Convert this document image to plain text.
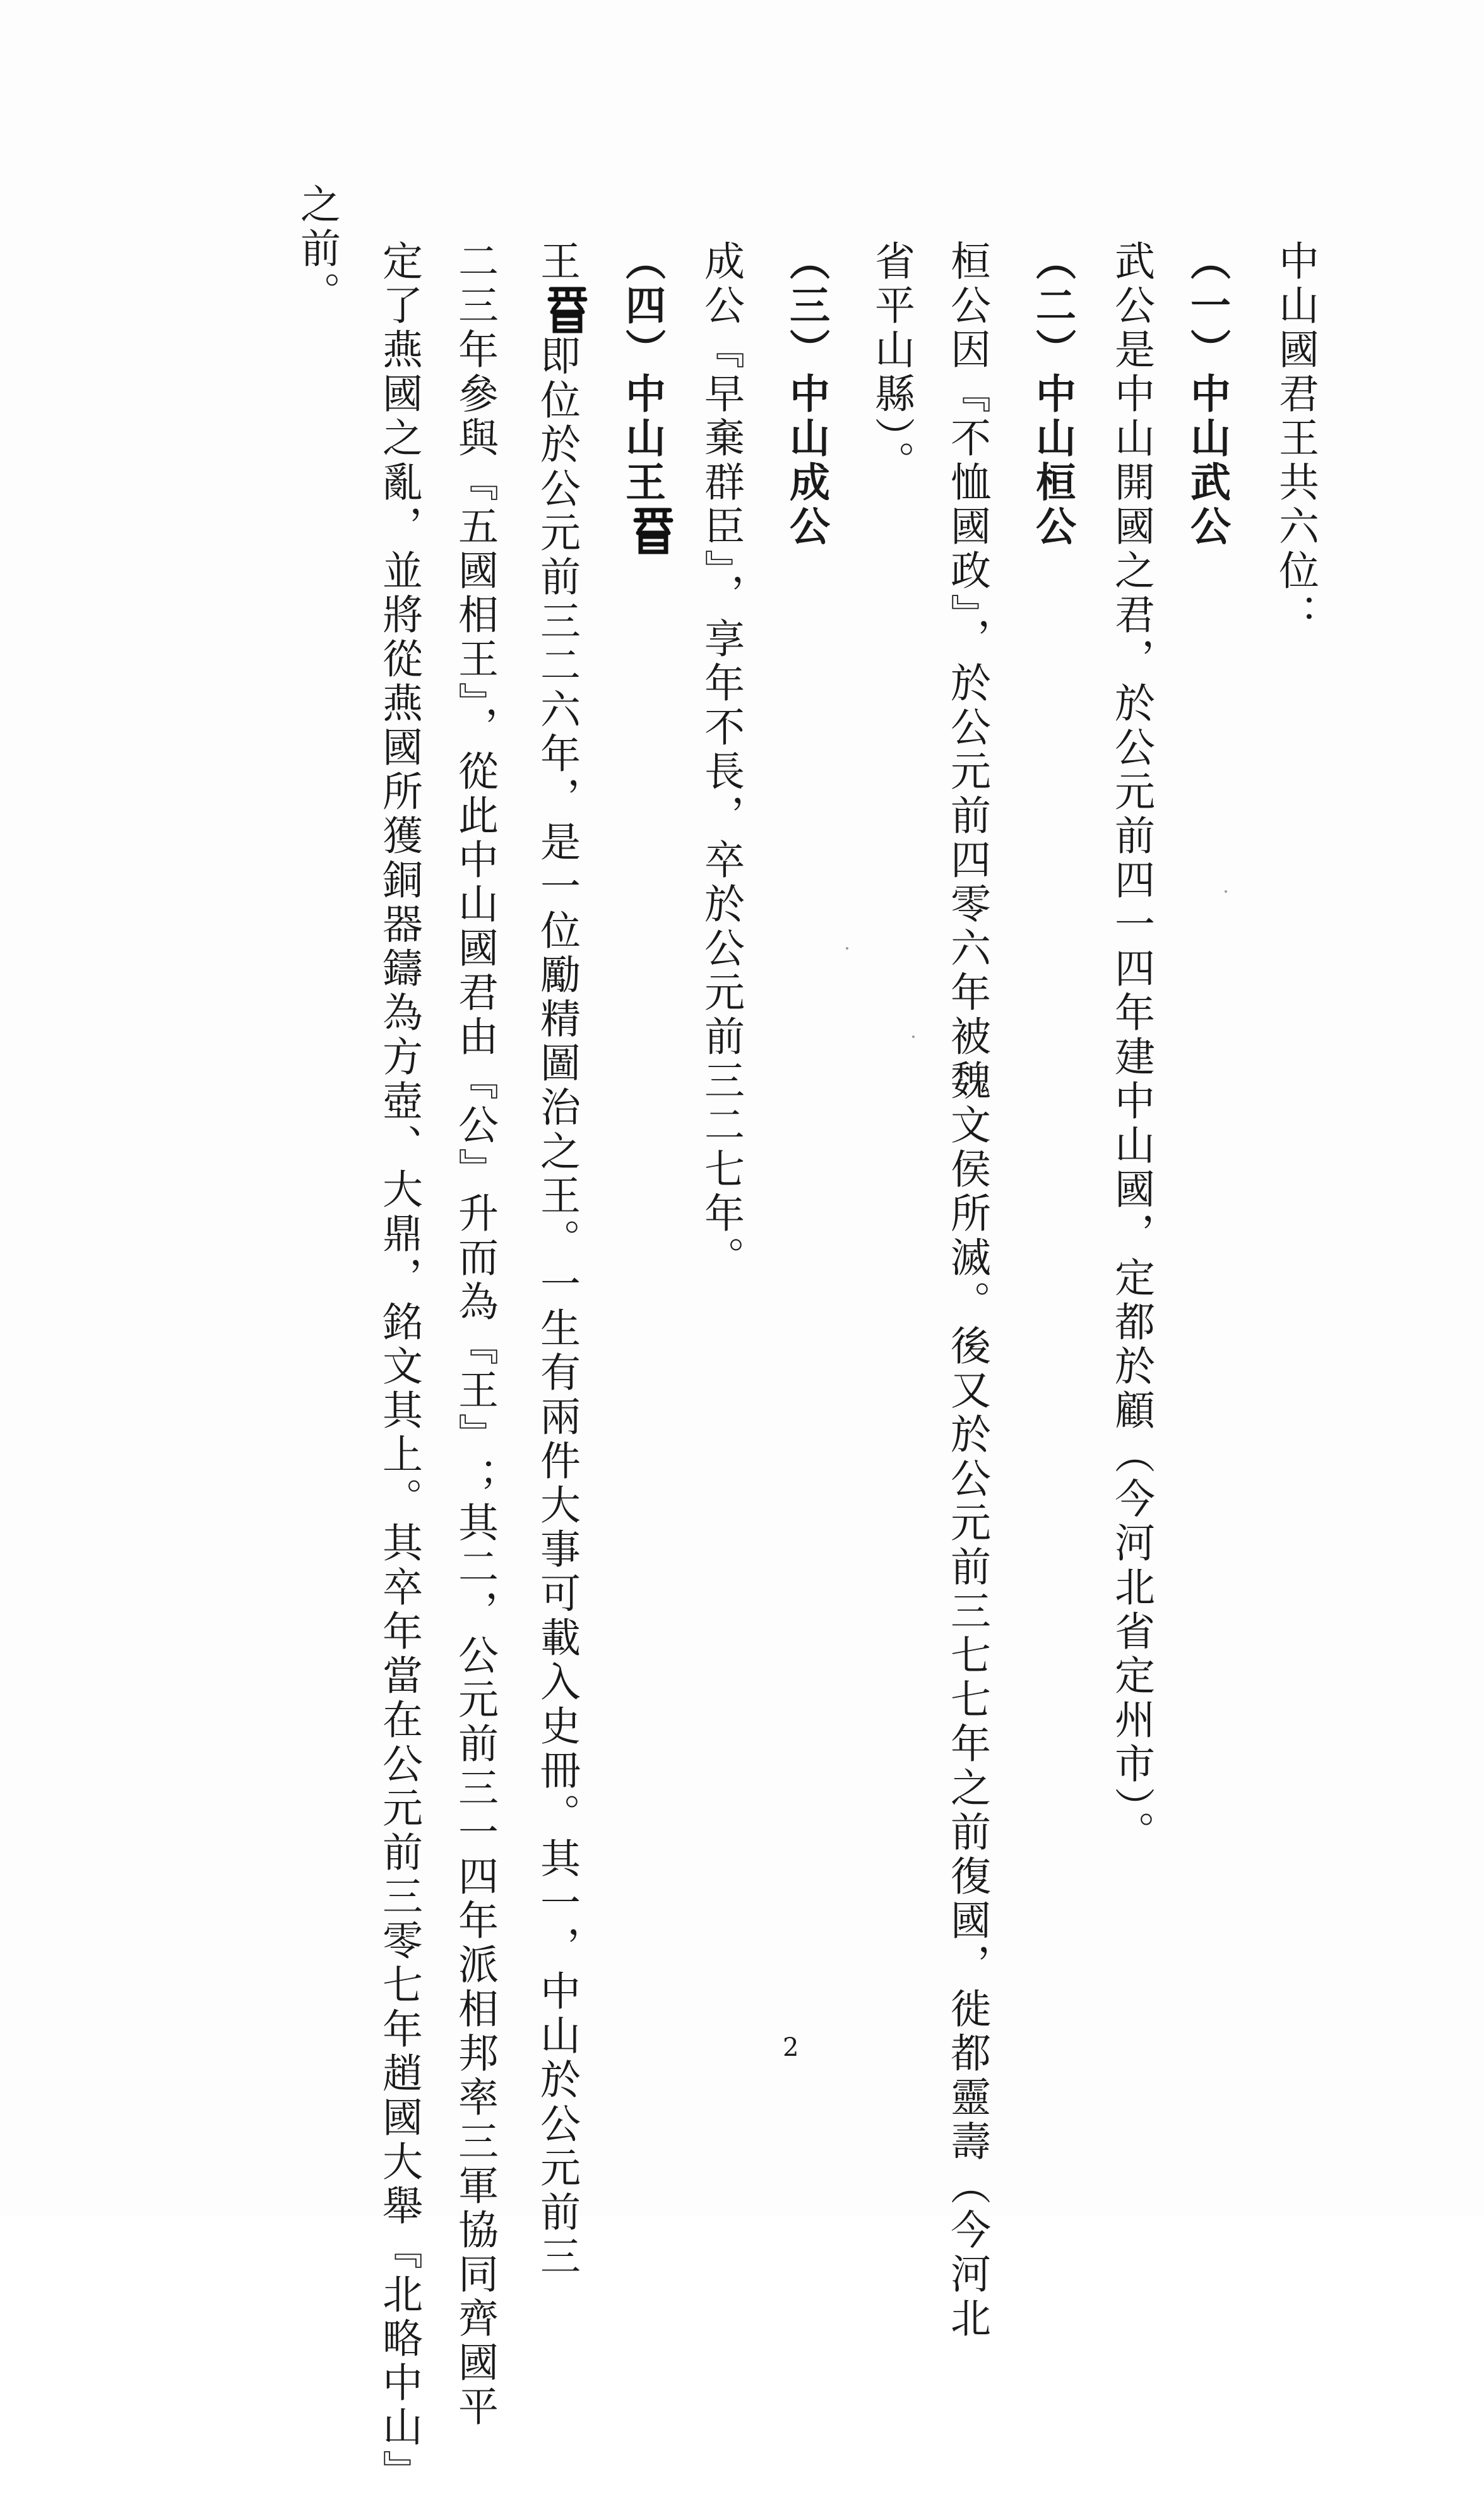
中山國君王共六位：
（一）中山武公
武公是中山開國之君，於公元前四一四年建中山國，定都於顧（今河北省定州市）。
（二）中山桓公
桓公因『不恤國政』，於公元前四零六年被魏文侯所滅。後又於公元前三七七年之前復國，徙都靈壽（今河北
省平山縣）。
（三）中山成公
成公『早棄群臣』，享年不長，卒於公元前三二七年。
（四）中山王
王
即位於公元前三二六年，是一位勵精圖治之王。一生有兩件大事可載入史冊。其一，中山於公元前三
二三年參與『五國相王』，從此中山國君由『公』升而為『王』；其二，公元前三一四年派相邦率三軍協同齊國平
定了燕國之亂，並將從燕國所獲銅器鑄為方壺、大鼎，銘文其上。其卒年當在公元前三零七年趙國大舉『北略中山』
之前。
2
